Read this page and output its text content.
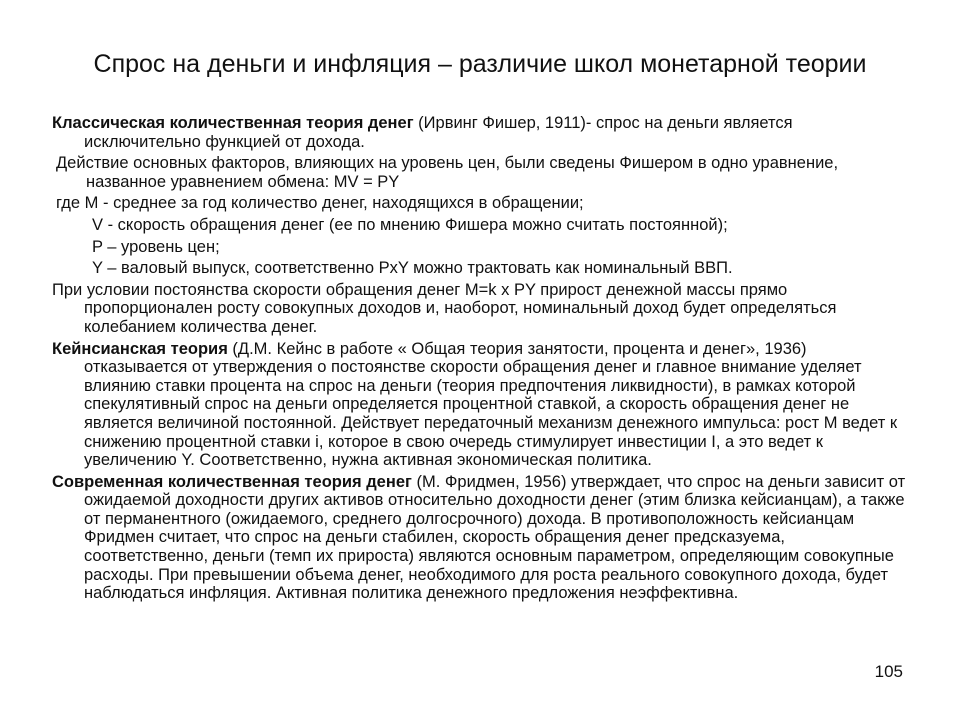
Спрос на деньги и инфляция – различие школ монетарной теории

Классическая количественная теория денег (Ирвинг Фишер, 1911)- спрос на деньги является исключительно функцией от дохода.

Действие основных факторов, влияющих на уровень цен, были сведены Фишером в одно уравнение, названное уравнением обмена: MV = PY

где M - среднее за год количество денег, находящихся в обращении;

V - скорость обращения денег (ее по мнению Фишера можно считать постоянной);

P – уровень цен;

Y – валовый выпуск, соответственно PxY можно трактовать как номинальный ВВП.

При условии постоянства скорости обращения денег M=k x PY прирост денежной массы прямо пропорционален росту совокупных доходов и, наоборот, номинальный доход будет определяться колебанием количества денег.

Кейнсианская теория (Д.М. Кейнс в работе « Общая теория занятости, процента и денег», 1936) отказывается от утверждения о постоянстве скорости обращения денег и главное внимание уделяет влиянию ставки процента на спрос на деньги (теория предпочтения ликвидности), в рамках которой спекулятивный спрос на деньги определяется процентной ставкой, а скорость обращения денег не является величиной постоянной. Действует передаточный механизм денежного импульса: рост М ведет к снижению процентной ставки i, которое в свою очередь стимулирует инвестиции I, а это ведет к увеличению Y. Соответственно, нужна активная экономическая политика.

Современная количественная теория денег (М. Фридмен, 1956) утверждает, что спрос на деньги зависит от ожидаемой доходности других активов относительно доходности денег (этим близка кейсианцам), а также от перманентного (ожидаемого, среднего долгосрочного) дохода. В противоположность кейсианцам Фридмен считает, что спрос на деньги стабилен, скорость обращения денег предсказуема, соответственно, деньги (темп их прироста) являются основным параметром, определяющим совокупные расходы. При превышении объема денег, необходимого для роста реального совокупного дохода, будет наблюдаться инфляция. Активная политика денежного предложения неэффективна.

105
